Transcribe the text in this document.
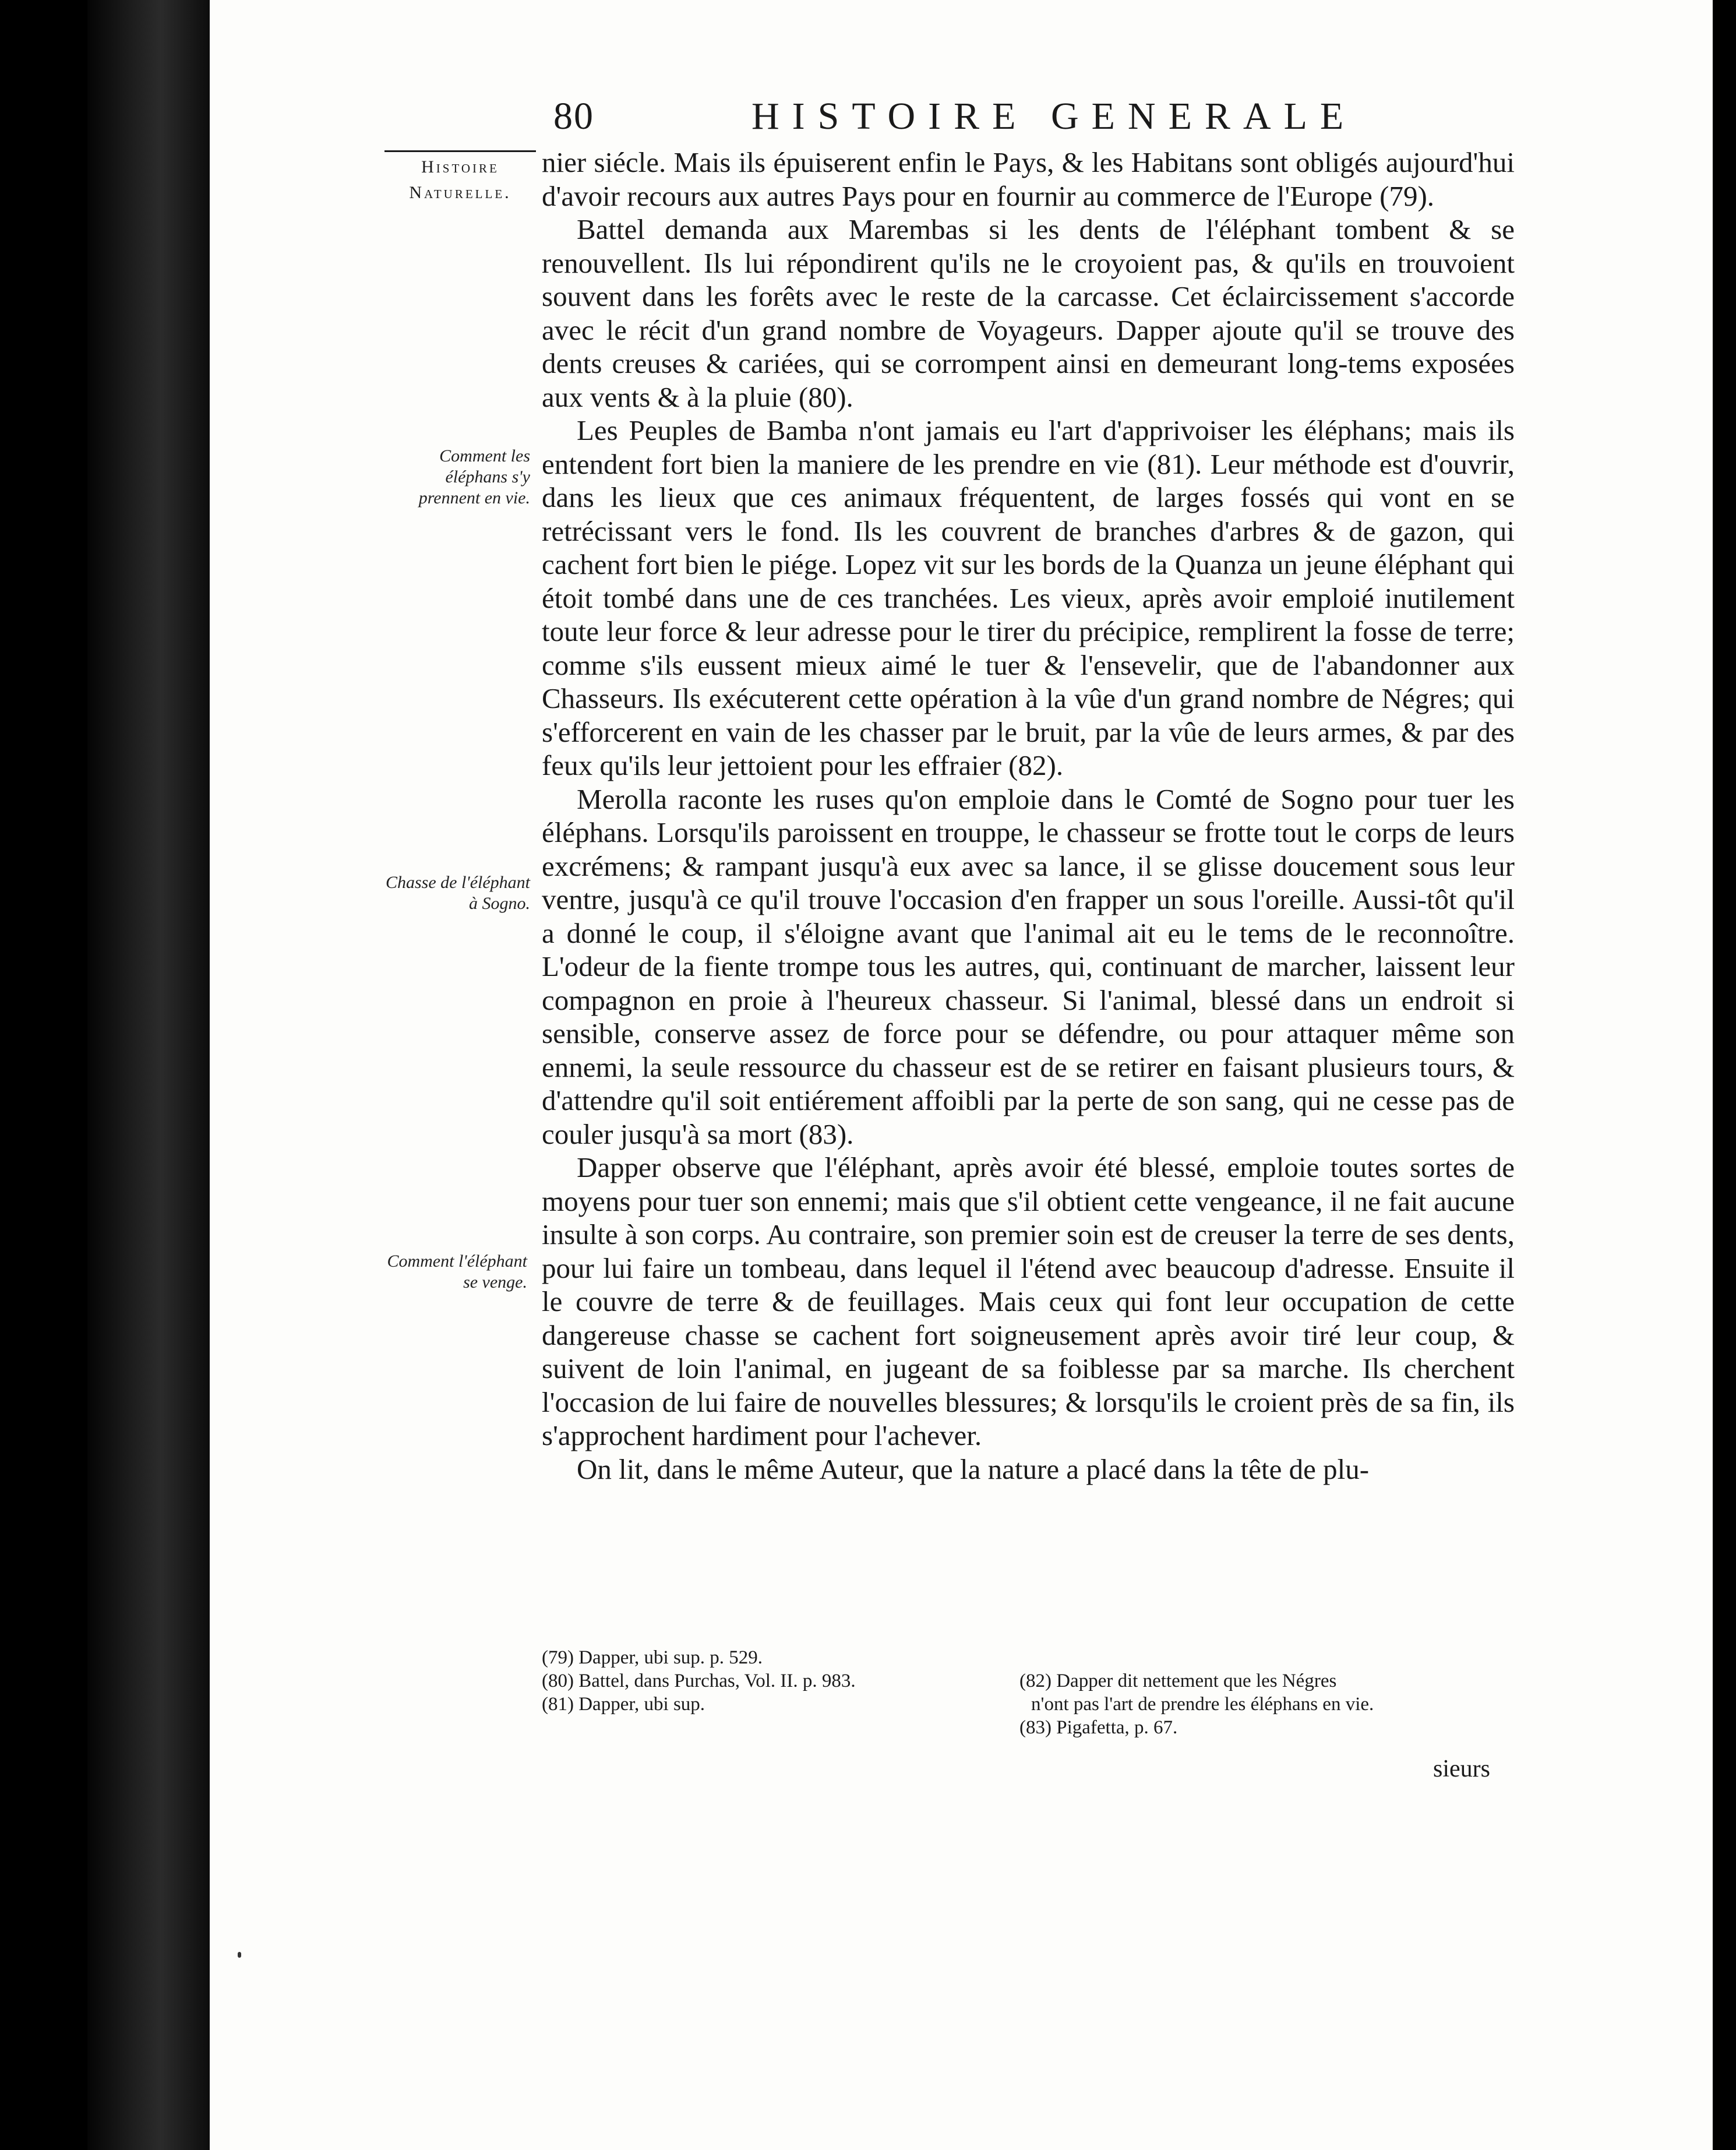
80	HISTOIRE GENERALE
Histoire
Naturelle.
Comment les éléphans s'y prennent en vie.
Chasse de l'éléphant à Sogno.
Comment l'éléphant se venge.

nier siécle. Mais ils épuiserent enfin le Pays, & les Habitans sont obligés aujourd'hui d'avoir recours aux autres Pays pour en fournir au commerce de l'Europe (79).

Battel demanda aux Marembas si les dents de l'éléphant tombent & se renouvellent. Ils lui répondirent qu'ils ne le croyoient pas, & qu'ils en trouvoient souvent dans les forêts avec le reste de la carcasse. Cet éclaircissement s'accorde avec le récit d'un grand nombre de Voyageurs. Dapper ajoute qu'il se trouve des dents creuses & cariées, qui se corrompent ainsi en demeurant long-tems exposées aux vents & à la pluie (80).

Les Peuples de Bamba n'ont jamais eu l'art d'apprivoiser les éléphans; mais ils entendent fort bien la maniere de les prendre en vie (81). Leur méthode est d'ouvrir, dans les lieux que ces animaux fréquentent, de larges fossés qui vont en se retrécissant vers le fond. Ils les couvrent de branches d'arbres & de gazon, qui cachent fort bien le piége. Lopez vit sur les bords de la Quanza un jeune éléphant qui étoit tombé dans une de ces tranchées. Les vieux, après avoir emploié inutilement toute leur force & leur adresse pour le tirer du précipice, remplirent la fosse de terre; comme s'ils eussent mieux aimé le tuer & l'ensevelir, que de l'abandonner aux Chasseurs. Ils exécuterent cette opération à la vûe d'un grand nombre de Négres; qui s'efforcerent en vain de les chasser par le bruit, par la vûe de leurs armes, & par des feux qu'ils leur jettoient pour les effraier (82).

Merolla raconte les ruses qu'on emploie dans le Comté de Sogno pour tuer les éléphans. Lorsqu'ils paroissent en trouppe, le chasseur se frotte tout le corps de leurs excrémens; & rampant jusqu'à eux avec sa lance, il se glisse doucement sous leur ventre, jusqu'à ce qu'il trouve l'occasion d'en frapper un sous l'oreille. Aussi-tôt qu'il a donné le coup, il s'éloigne avant que l'animal ait eu le tems de le reconnoître. L'odeur de la fiente trompe tous les autres, qui, continuant de marcher, laissent leur compagnon en proie à l'heureux chasseur. Si l'animal, blessé dans un endroit si sensible, conserve assez de force pour se défendre, ou pour attaquer même son ennemi, la seule ressource du chasseur est de se retirer en faisant plusieurs tours, & d'attendre qu'il soit entiérement affoibli par la perte de son sang, qui ne cesse pas de couler jusqu'à sa mort (83).

Dapper observe que l'éléphant, après avoir été blessé, emploie toutes sortes de moyens pour tuer son ennemi; mais que s'il obtient cette vengeance, il ne fait aucune insulte à son corps. Au contraire, son premier soin est de creuser la terre de ses dents, pour lui faire un tombeau, dans lequel il l'étend avec beaucoup d'adresse. Ensuite il le couvre de terre & de feuillages. Mais ceux qui font leur occupation de cette dangereuse chasse se cachent fort soigneusement après avoir tiré leur coup, & suivent de loin l'animal, en jugeant de sa foiblesse par sa marche. Ils cherchent l'occasion de lui faire de nouvelles blessures; & lorsqu'ils le croient près de sa fin, ils s'approchent hardiment pour l'achever.

On lit, dans le même Auteur, que la nature a placé dans la tête de plu-

(79) Dapper, ubi sup. p. 529.
(80) Battel, dans Purchas, Vol. II. p. 983.
(81) Dapper, ubi sup.
(82) Dapper dit nettement que les Négres
n'ont pas l'art de prendre les éléphans en vie.
(83) Pigafetta, p. 67.
sieurs
